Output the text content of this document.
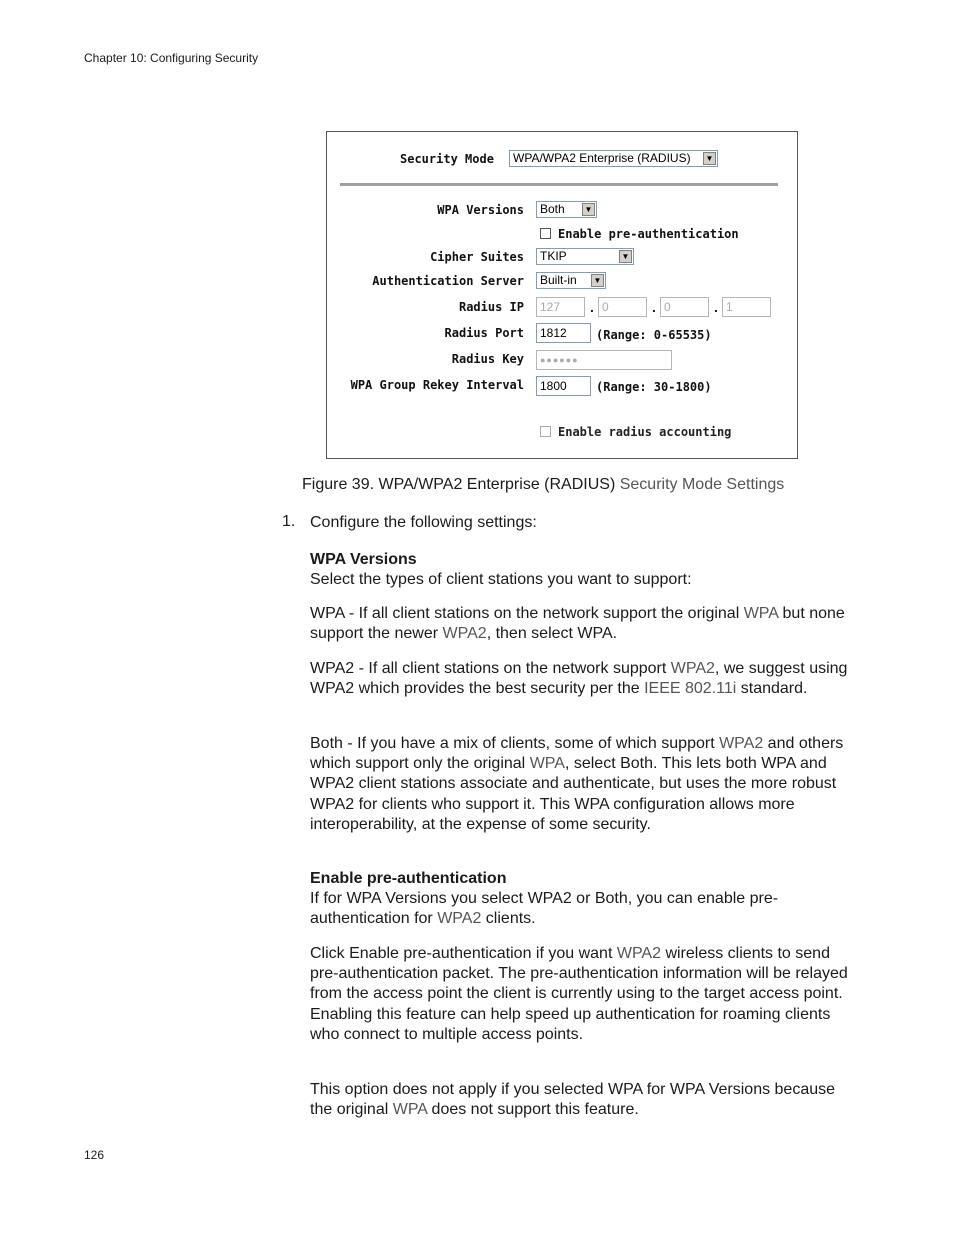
Chapter 10: Configuring Security
Security Mode	WPA/WPA2 Enterprise (RADIUS)	▼
WPA Versions	Both	▼
Enable pre-authentication
Cipher Suites	TKIP	▼
Authentication Server	Built-in	▼
Radius IP	127	. 0	. 0	. 1
Radius Port	1812	(Range: 0-65535)
Radius Key	●●●●●●
WPA Group Rekey Interval	1800	(Range: 30-1800)
Enable radius accounting
Figure 39. WPA/WPA2 Enterprise (RADIUS) Security Mode Settings
1. Configure the following settings:
WPA Versions
Select the types of client stations you want to support:
WPA - If all client stations on the network support the original WPA but none support the newer WPA2, then select WPA.
WPA2 - If all client stations on the network support WPA2, we suggest using WPA2 which provides the best security per the IEEE 802.11i standard.
Both - If you have a mix of clients, some of which support WPA2 and others which support only the original WPA, select Both. This lets both WPA and WPA2 client stations associate and authenticate, but uses the more robust WPA2 for clients who support it. This WPA configuration allows more interoperability, at the expense of some security.
Enable pre-authentication
If for WPA Versions you select WPA2 or Both, you can enable pre-authentication for WPA2 clients.
Click Enable pre-authentication if you want WPA2 wireless clients to send pre-authentication packet. The pre-authentication information will be relayed from the access point the client is currently using to the target access point. Enabling this feature can help speed up authentication for roaming clients who connect to multiple access points.
This option does not apply if you selected WPA for WPA Versions because the original WPA does not support this feature.
126
